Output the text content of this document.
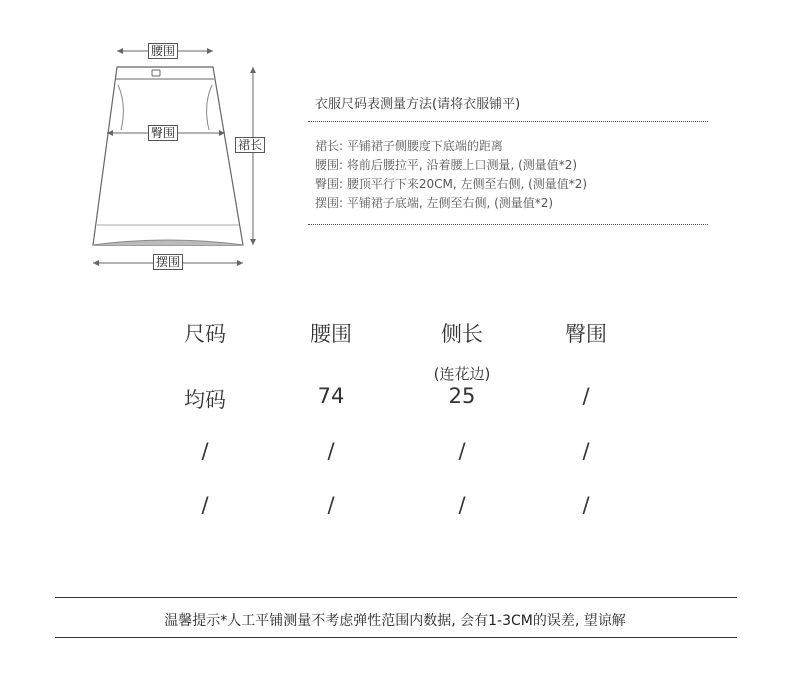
腰围
臀围
裙长
摆围
衣服尺码表测量方法(请将衣服铺平)
裙长: 平铺裙子侧腰度下底端的距离
腰围: 将前后腰拉平, 沿着腰上口测量, (测量值*2)
臀围: 腰顶平行下来20CM, 左侧至右侧, (测量值*2)
摆围: 平铺裙子底端, 左侧至右侧, (测量值*2)
尺码	腰围	侧长	臀围
(连花边)
均码	74	25	/
/	/	/	/
/	/	/	/
温馨提示*人工平铺测量不考虑弹性范围内数据, 会有1-3CM的误差, 望谅解
